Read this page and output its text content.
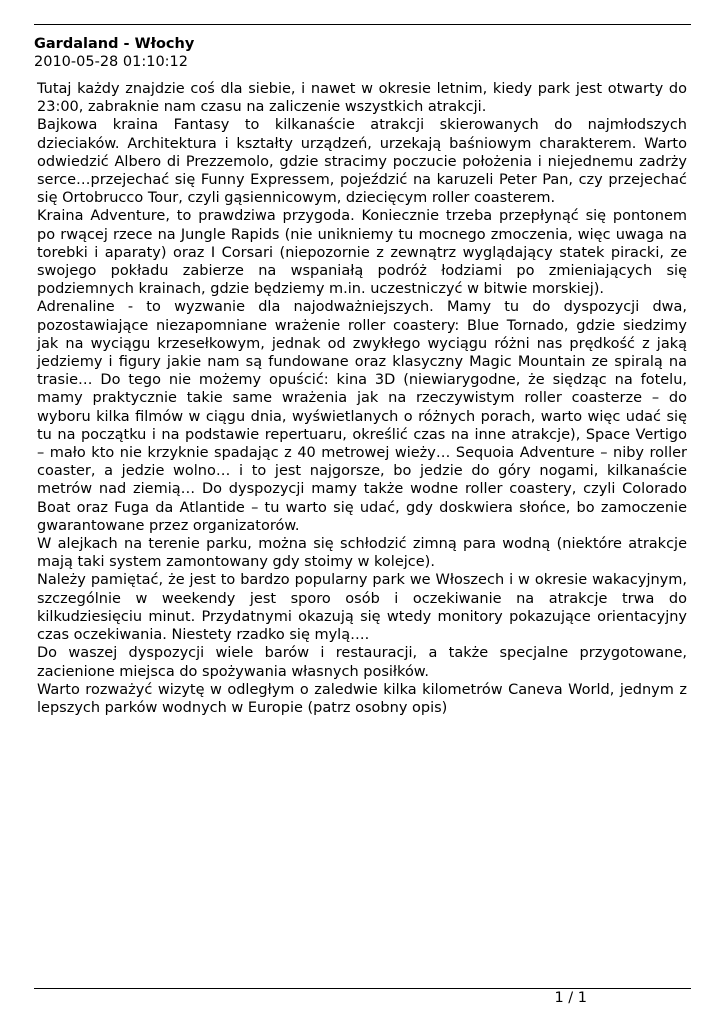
Gardaland - Włochy

2010-05-28 01:10:12

Tutaj każdy znajdzie coś dla siebie, i nawet w okresie letnim, kiedy park jest otwarty do 23:00, zabraknie nam czasu na zaliczenie wszystkich atrakcji.

Bajkowa kraina Fantasy to kilkanaście atrakcji skierowanych do najmłodszych dzieciaków. Architektura i kształty urządzeń, urzekają baśniowym charakterem. Warto odwiedzić Albero di Prezzemolo, gdzie stracimy poczucie położenia i niejednemu zadrży serce…przejechać się Funny Expressem, pojeździć na karuzeli Peter Pan, czy przejechać się Ortobrucco Tour, czyli gąsiennicowym, dziecięcym roller coasterem.

Kraina Adventure, to prawdziwa przygoda. Koniecznie trzeba przepłynąć się pontonem po rwącej rzece na Jungle Rapids (nie unikniemy tu mocnego zmoczenia, więc uwaga na torebki i aparaty) oraz I Corsari (niepozornie z zewnątrz wyglądający statek piracki, ze swojego pokładu zabierze na wspaniałą podróż łodziami po zmieniających się podziemnych krainach, gdzie będziemy m.in. uczestniczyć w bitwie morskiej).

Adrenaline - to wyzwanie dla najodważniejszych. Mamy tu do dyspozycji dwa, pozostawiające niezapomniane wrażenie roller coastery: Blue Tornado, gdzie siedzimy jak na wyciągu krzesełkowym, jednak od zwykłego wyciągu różni nas prędkość z jaką jedziemy i figury jakie nam są fundowane oraz klasyczny Magic Mountain ze spiralą na trasie… Do tego nie możemy opuścić: kina 3D (niewiarygodne, że siędząc na fotelu, mamy praktycznie takie same wrażenia jak na rzeczywistym roller coasterze – do wyboru kilka filmów w ciągu dnia, wyświetlanych o różnych porach, warto więc udać się tu na początku i na podstawie repertuaru, określić czas na inne atrakcje), Space Vertigo – mało kto nie krzyknie spadając z 40 metrowej wieży… Sequoia Adventure – niby roller coaster, a jedzie wolno… i to jest najgorsze, bo jedzie do góry nogami, kilkanaście metrów nad ziemią… Do dyspozycji mamy także wodne roller coastery, czyli Colorado Boat oraz Fuga da Atlantide – tu warto się udać, gdy doskwiera słońce, bo zamoczenie gwarantowane przez organizatorów.

W alejkach na terenie parku, można się schłodzić zimną para wodną (niektóre atrakcje mają taki system zamontowany gdy stoimy w kolejce).

Należy pamiętać, że jest to bardzo popularny park we Włoszech i w okresie wakacyjnym, szczególnie w weekendy jest sporo osób i oczekiwanie na atrakcje trwa do kilkudziesięciu minut. Przydatnymi okazują się wtedy monitory pokazujące orientacyjny czas oczekiwania. Niestety rzadko się mylą….

Do waszej dyspozycji wiele barów i restauracji, a także specjalne przygotowane, zacienione miejsca do spożywania własnych posiłków.

Warto rozważyć wizytę w odległym o zaledwie kilka kilometrów Caneva World, jednym z lepszych parków wodnych w Europie (patrz osobny opis)

1 / 1
